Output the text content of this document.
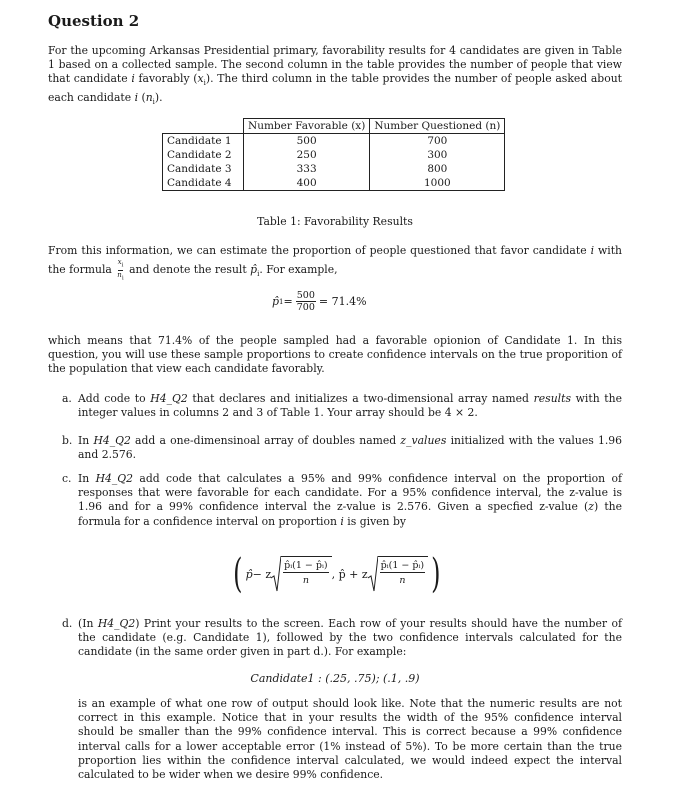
Question 2

For the upcoming Arkansas Presidential primary, favorability results for 4 candidates are given in Table 1 based on a collected sample. The second column in the table provides the number of people that view that candidate i favorably $(x_i)$. The third column in the table provides the number of people asked about each candidate i $(n_i)$.

	Number Favorable (x)	Number Questioned (n)
Candidate 1	500	700
Candidate 2	250	300
Candidate 3	333	800
Candidate 4	400	1000
Table 1: Favorability Results

From this information, we can estimate the proportion of people questioned that favor candidate i with the formula $\frac{x_i}{n_i}$ and denote the result $p̂_i$. For example,

p̂ $1 = \frac{500}{700} = 71.4\%$

which means that 71.4% of the people sampled had a favorable opionion of Candidate 1. In this question, you will use these sample proportions to create confidence intervals on the true proporition of the population that view each candidate favorably.

a. Add code to H4_Q2 that declares and initializes a two-dimensional array named results with the integer values in columns 2 and 3 of Table 1. Your array should be 4 × 2.

b. In H4_Q2 add a one-dimensinoal array of doubles named z_values initialized with the values 1.96 and 2.576.

c. In H4_Q2 add code that calculates a 95% and 99% confidence interval on the proportion of responses that were favorable for each candidate. For a 95% confidence interval, the z-value is 1.96 and for a 99% confidence interval the z-value is 2.576. Given a specfied z-value (z) the formula for a confidence interval on proportion i is given by

( p̂ − z $\frac{\text{p̂ᵢ(1 − p̂ᵢ)}}{n}$ , p̂ + z $\frac{\text{p̂ᵢ(1 − p̂ᵢ)}}{n}$ )
d. (In H4_Q2) Print your results to the screen. Each row of your results should have the number of the candidate (e.g. Candidate 1), followed by the two confidence intervals calculated for the candidate (in the same order given in part d.). For example:

Candidate1 : (.25, .75); (.1, .9)

is an example of what one row of output should look like. Note that the numeric results are not correct in this example. Notice that in your results the width of the 95% confidence interval should be smaller than the 99% confidence interval. This is correct because a 99% confidence interval calls for a lower acceptable error (1% instead of 5%). To be more certain than the true proportion lies within the confidence interval calculated, we would indeed expect the interval calculated to be wider when we desire 99% confidence.
